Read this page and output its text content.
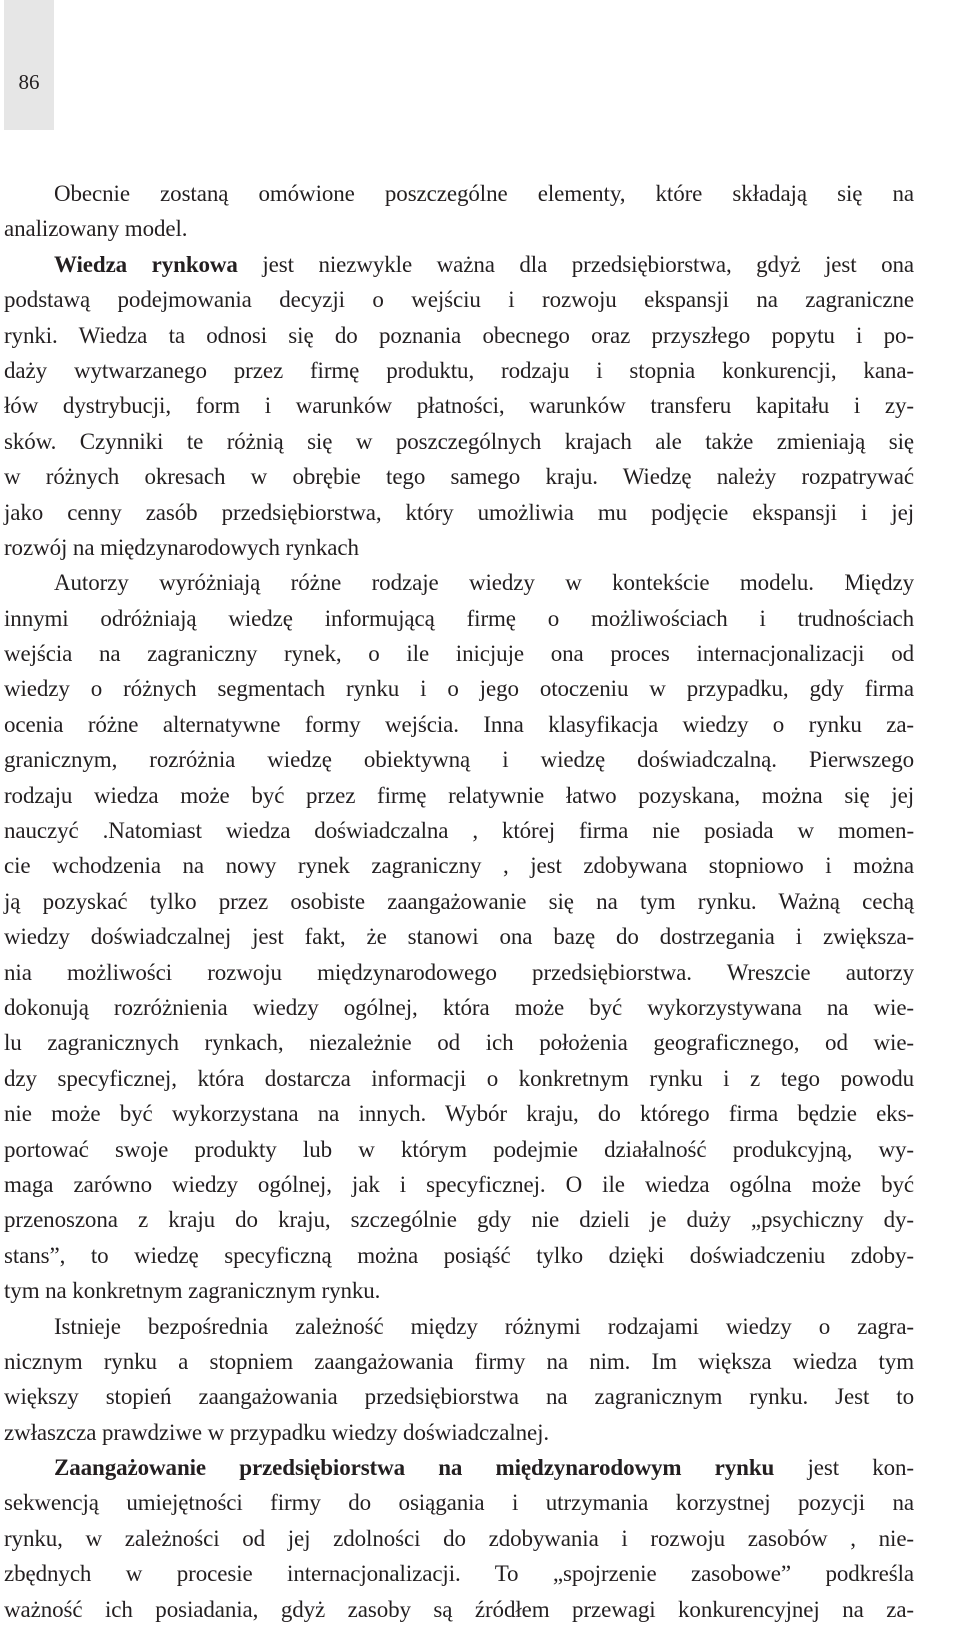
86
Obecnie zostaną omówione poszczególne elementy, które składają się na
analizowany model.
Wiedza rynkowa jest niezwykle ważna dla przedsiębiorstwa, gdyż jest ona
podstawą podejmowania decyzji o wejściu i rozwoju ekspansji na zagraniczne
rynki. Wiedza ta odnosi się do poznania obecnego oraz przyszłego popytu i po-
daży wytwarzanego przez firmę produktu, rodzaju i stopnia konkurencji, kana-
łów dystrybucji, form i warunków płatności, warunków transferu kapitału i zy-
sków. Czynniki te różnią się w poszczególnych krajach ale także zmieniają się
w różnych okresach w obrębie tego samego kraju. Wiedzę należy rozpatrywać
jako cenny zasób przedsiębiorstwa, który umożliwia mu podjęcie ekspansji i jej
rozwój na międzynarodowych rynkach
Autorzy wyróżniają różne rodzaje wiedzy w kontekście modelu. Między
innymi odróżniają wiedzę informującą firmę o możliwościach i trudnościach
wejścia na zagraniczny rynek, o ile inicjuje ona proces internacjonalizacji od
wiedzy o różnych segmentach rynku i o jego otoczeniu w przypadku, gdy firma
ocenia różne alternatywne formy wejścia. Inna klasyfikacja wiedzy o rynku za-
granicznym, rozróżnia wiedzę obiektywną i wiedzę doświadczalną. Pierwszego
rodzaju wiedza może być przez firmę relatywnie łatwo pozyskana, można się jej
nauczyć .Natomiast wiedza doświadczalna , której firma nie posiada w momen-
cie wchodzenia na nowy rynek zagraniczny , jest zdobywana stopniowo i można
ją pozyskać tylko przez osobiste zaangażowanie się na tym rynku. Ważną cechą
wiedzy doświadczalnej jest fakt, że stanowi ona bazę do dostrzegania i zwiększa-
nia możliwości rozwoju międzynarodowego przedsiębiorstwa. Wreszcie autorzy
dokonują rozróżnienia wiedzy ogólnej, która może być wykorzystywana na wie-
lu zagranicznych rynkach, niezależnie od ich położenia geograficznego, od wie-
dzy specyficznej, która dostarcza informacji o konkretnym rynku i z tego powodu
nie może być wykorzystana na innych. Wybór kraju, do którego firma będzie eks-
portować swoje produkty lub w którym podejmie działalność produkcyjną, wy-
maga zarówno wiedzy ogólnej, jak i specyficznej. O ile wiedza ogólna może być
przenoszona z kraju do kraju, szczególnie gdy nie dzieli je duży „psychiczny dy-
stans”, to wiedzę specyficzną można posiąść tylko dzięki doświadczeniu zdoby-
tym na konkretnym zagranicznym rynku.
Istnieje bezpośrednia zależność między różnymi rodzajami wiedzy o zagra-
nicznym rynku a stopniem zaangażowania firmy na nim. Im większa wiedza tym
większy stopień zaangażowania przedsiębiorstwa na zagranicznym rynku. Jest to
zwłaszcza prawdziwe w przypadku wiedzy doświadczalnej.
Zaangażowanie przedsiębiorstwa na międzynarodowym rynku jest kon-
sekwencją umiejętności firmy do osiągania i utrzymania korzystnej pozycji na
rynku, w zależności od jej zdolności do zdobywania i rozwoju zasobów , nie-
zbędnych w procesie internacjonalizacji. To „spojrzenie zasobowe” podkreśla
ważność ich posiadania, gdyż zasoby są źródłem przewagi konkurencyjnej na za-
